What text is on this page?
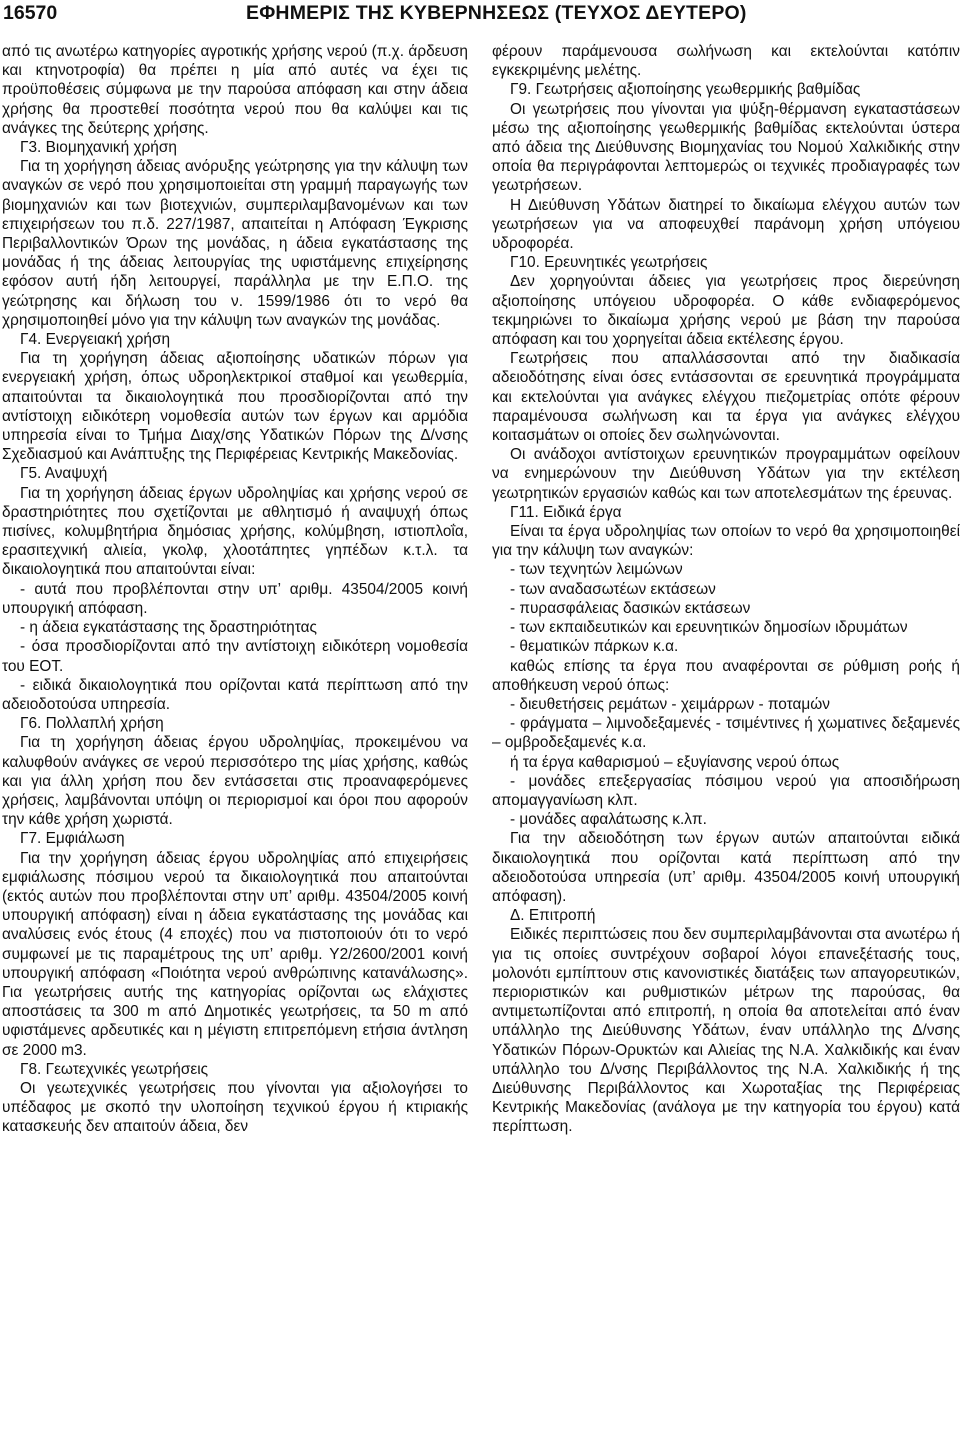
16570	ΕΦΗΜΕΡΙΣ ΤΗΣ ΚΥΒΕΡΝΗΣΕΩΣ (ΤΕΥΧΟΣ ΔΕΥΤΕΡΟ)

από τις ανωτέρω κατηγορίες αγροτικής χρήσης νερού (π.χ. άρδευση και κτηνοτροφία) θα πρέπει η μία από αυτές να έχει τις προϋποθέσεις σύμφωνα με την παρούσα απόφαση και στην άδεια χρήσης θα προστεθεί ποσότητα νερού που θα καλύψει και τις ανάγκες της δεύτερης χρήσης.

Γ3. Βιομηχανική χρήση

Για τη χορήγηση άδειας ανόρυξης γεώτρησης για την κάλυψη των αναγκών σε νερό που χρησιμοποιείται στη γραμμή παραγωγής των βιομηχανιών και των βιοτεχνιών, συμπεριλαμβανομένων και των επιχειρήσεων του π.δ. 227/1987, απαιτείται η Απόφαση Έγκρισης Περιβαλλοντικών Όρων της μονάδας, η άδεια εγκατάστασης της μονάδας ή της άδειας λειτουργίας της υφιστάμενης επιχείρησης εφόσον αυτή ήδη λειτουργεί, παράλληλα με την Ε.Π.Ο. της γεώτρησης και δήλωση του ν. 1599/1986 ότι το νερό θα χρησιμοποιηθεί μόνο για την κάλυψη των αναγκών της μονάδας.

Γ4. Ενεργειακή χρήση

Για τη χορήγηση άδειας αξιοποίησης υδατικών πόρων για ενεργειακή χρήση, όπως υδροηλεκτρικοί σταθμοί και γεωθερμία, απαιτούνται τα δικαιολογητικά που προσδιορίζονται από την αντίστοιχη ειδικότερη νομοθεσία αυτών των έργων και αρμόδια υπηρεσία είναι το Τμήμα Διαχ/σης Υδατικών Πόρων της Δ/νσης Σχεδιασμού και Ανάπτυξης της Περιφέρειας Κεντρικής Μακεδονίας.

Γ5. Αναψυχή

Για τη χορήγηση άδειας έργων υδροληψίας και χρήσης νερού σε δραστηριότητες που σχετίζονται με αθλητισμό ή αναψυχή όπως πισίνες, κολυμβητήρια δημόσιας χρήσης, κολύμβηση, ιστιοπλοΐα, ερασιτεχνική αλιεία, γκολφ, χλοοτάπητες γηπέδων κ.τ.λ. τα δικαιολογητικά που απαιτούνται είναι:

- αυτά που προβλέπονται στην υπ’ αριθμ. 43504/2005 κοινή υπουργική απόφαση.

- η άδεια εγκατάστασης της δραστηριότητας

- όσα προσδιορίζονται από την αντίστοιχη ειδικότερη νομοθεσία του ΕΟΤ.

- ειδικά δικαιολογητικά που ορίζονται κατά περίπτωση από την αδειοδοτούσα υπηρεσία.

Γ6. Πολλαπλή χρήση

Για τη χορήγηση άδειας έργου υδροληψίας, προκειμένου να καλυφθούν ανάγκες σε νερού περισσότερο της μίας χρήσης, καθώς και για άλλη χρήση που δεν εντάσσεται στις προαναφερόμενες χρήσεις, λαμβάνονται υπόψη οι περιορισμοί και όροι που αφορούν την κάθε χρήση χωριστά.

Γ7. Εμφιάλωση

Για την χορήγηση άδειας έργου υδροληψίας από επιχειρήσεις εμφιάλωσης πόσιμου νερού τα δικαιολογητικά που απαιτούνται (εκτός αυτών που προβλέπονται στην υπ’ αριθμ. 43504/2005 κοινή υπουργική απόφαση) είναι η άδεια εγκατάστασης της μονάδας και αναλύσεις ενός έτους (4 εποχές) που να πιστοποιούν ότι το νερό συμφωνεί με τις παραμέτρους της υπ’ αριθμ. Υ2/2600/2001 κοινή υπουργική απόφαση «Ποιότητα νερού ανθρώπινης κατανάλωσης». Για γεωτρήσεις αυτής της κατηγορίας ορίζονται ως ελάχιστες αποστάσεις τα 300 m από Δημοτικές γεωτρήσεις, τα 50 m από υφιστάμενες αρδευτικές και η μέγιστη επιτρεπόμενη ετήσια άντληση σε 2000 m3.

Γ8. Γεωτεχνικές γεωτρήσεις

Οι γεωτεχνικές γεωτρήσεις που γίνονται για αξιολογήσει το υπέδαφος με σκοπό την υλοποίηση τεχνικού έργου ή κτιριακής κατασκευής δεν απαιτούν άδεια, δεν

φέρουν παράμενουσα σωλήνωση και εκτελούνται κατόπιν εγκεκριμένης μελέτης.

Γ9. Γεωτρήσεις αξιοποίησης γεωθερμικής βαθμίδας

Οι γεωτρήσεις που γίνονται για ψύξη-θέρμανση εγκαταστάσεων μέσω της αξιοποίησης γεωθερμικής βαθμίδας εκτελούνται ύστερα από άδεια της Διεύθυνσης Βιομηχανίας του Νομού Χαλκιδικής στην οποία θα περιγράφονται λεπτομερώς οι τεχνικές προδιαγραφές των γεωτρήσεων.

Η Διεύθυνση Υδάτων διατηρεί το δικαίωμα ελέγχου αυτών των γεωτρήσεων για να αποφευχθεί παράνομη χρήση υπόγειου υδροφορέα.

Γ10. Ερευνητικές γεωτρήσεις

Δεν χορηγούνται άδειες για γεωτρήσεις προς διερεύνηση αξιοποίησης υπόγειου υδροφορέα. Ο κάθε ενδιαφερόμενος τεκμηριώνει το δικαίωμα χρήσης νερού με βάση την παρούσα απόφαση και του χορηγείται άδεια εκτέλεσης έργου.

Γεωτρήσεις που απαλλάσσονται από την διαδικασία αδειοδότησης είναι όσες εντάσσονται σε ερευνητικά προγράμματα και εκτελούνται για ανάγκες ελέγχου πιεζομετρίας οπότε φέρουν παραμένουσα σωλήνωση και τα έργα για ανάγκες ελέγχου κοιτασμάτων οι οποίες δεν σωληνώνονται.

Οι ανάδοχοι αντίστοιχων ερευνητικών προγραμμάτων οφείλουν να ενημερώνουν την Διεύθυνση Υδάτων για την εκτέλεση γεωτρητικών εργασιών καθώς και των αποτελεσμάτων της έρευνας.

Γ11. Ειδικά έργα

Είναι τα έργα υδροληψίας των οποίων το νερό θα χρησιμοποιηθεί για την κάλυψη των αναγκών:

- των τεχνητών λειμώνων

- των αναδασωτέων εκτάσεων

- πυρασφάλειας δασικών εκτάσεων

- των εκπαιδευτικών και ερευνητικών δημοσίων ιδρυμάτων

- θεματικών πάρκων κ.α.

καθώς επίσης τα έργα που αναφέρονται σε ρύθμιση ροής ή αποθήκευση νερού όπως:

- διευθετήσεις ρεμάτων - χειμάρρων - ποταμών

- φράγματα – λιμνοδεξαμενές - τσιμέντινες ή χωματινες δεξαμενές – ομβροδεξαμενές κ.α.

ή τα έργα καθαρισμού – εξυγίανσης νερού όπως

- μονάδες επεξεργασίας πόσιμου νερού για αποσιδήρωση απομαγγανίωση κλπ.

- μονάδες αφαλάτωσης κ.λπ.

Για την αδειοδότηση των έργων αυτών απαιτούνται ειδικά δικαιολογητικά που ορίζονται κατά περίπτωση από την αδειοδοτούσα υπηρεσία (υπ’ αριθμ. 43504/2005 κοινή υπουργική απόφαση).

Δ. Επιτροπή

Ειδικές περιπτώσεις που δεν συμπεριλαμβάνονται στα ανωτέρω ή για τις οποίες συντρέχουν σοβαροί λόγοι επανεξέτασής τους, μολονότι εμπίπτουν στις κανονιστικές διατάξεις των απαγορευτικών, περιοριστικών και ρυθμιστικών μέτρων της παρούσας, θα αντιμετωπίζονται από επιτροπή, η οποία θα αποτελείται από έναν υπάλληλο της Διεύθυνσης Υδάτων, έναν υπάλληλο της Δ/νσης Υδατικών Πόρων-Ορυκτών και Αλιείας της Ν.Α. Χαλκιδικής και έναν υπάλληλο του Δ/νσης Περιβάλλοντος της Ν.Α. Χαλκιδικής ή της Διεύθυνσης Περιβάλλοντος και Χωροταξίας της Περιφέρειας Κεντρικής Μακεδονίας (ανάλογα με την κατηγορία του έργου) κατά περίπτωση.
